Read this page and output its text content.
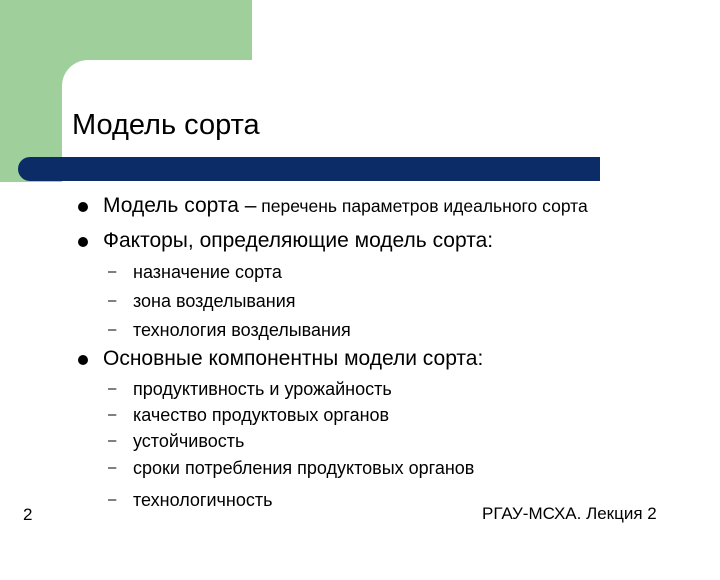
Модель сорта
Модель сорта – перечень параметров идеального сорта
Факторы, определяющие модель сорта:
– назначение сорта
– зона возделывания
– технология возделывания
Основные компонентны модели сорта:
– продуктивность и урожайность
– качество продуктовых органов
– устойчивость
– сроки потребления продуктовых органов
– технологичность
2	РГАУ-МСХА. Лекция 2
